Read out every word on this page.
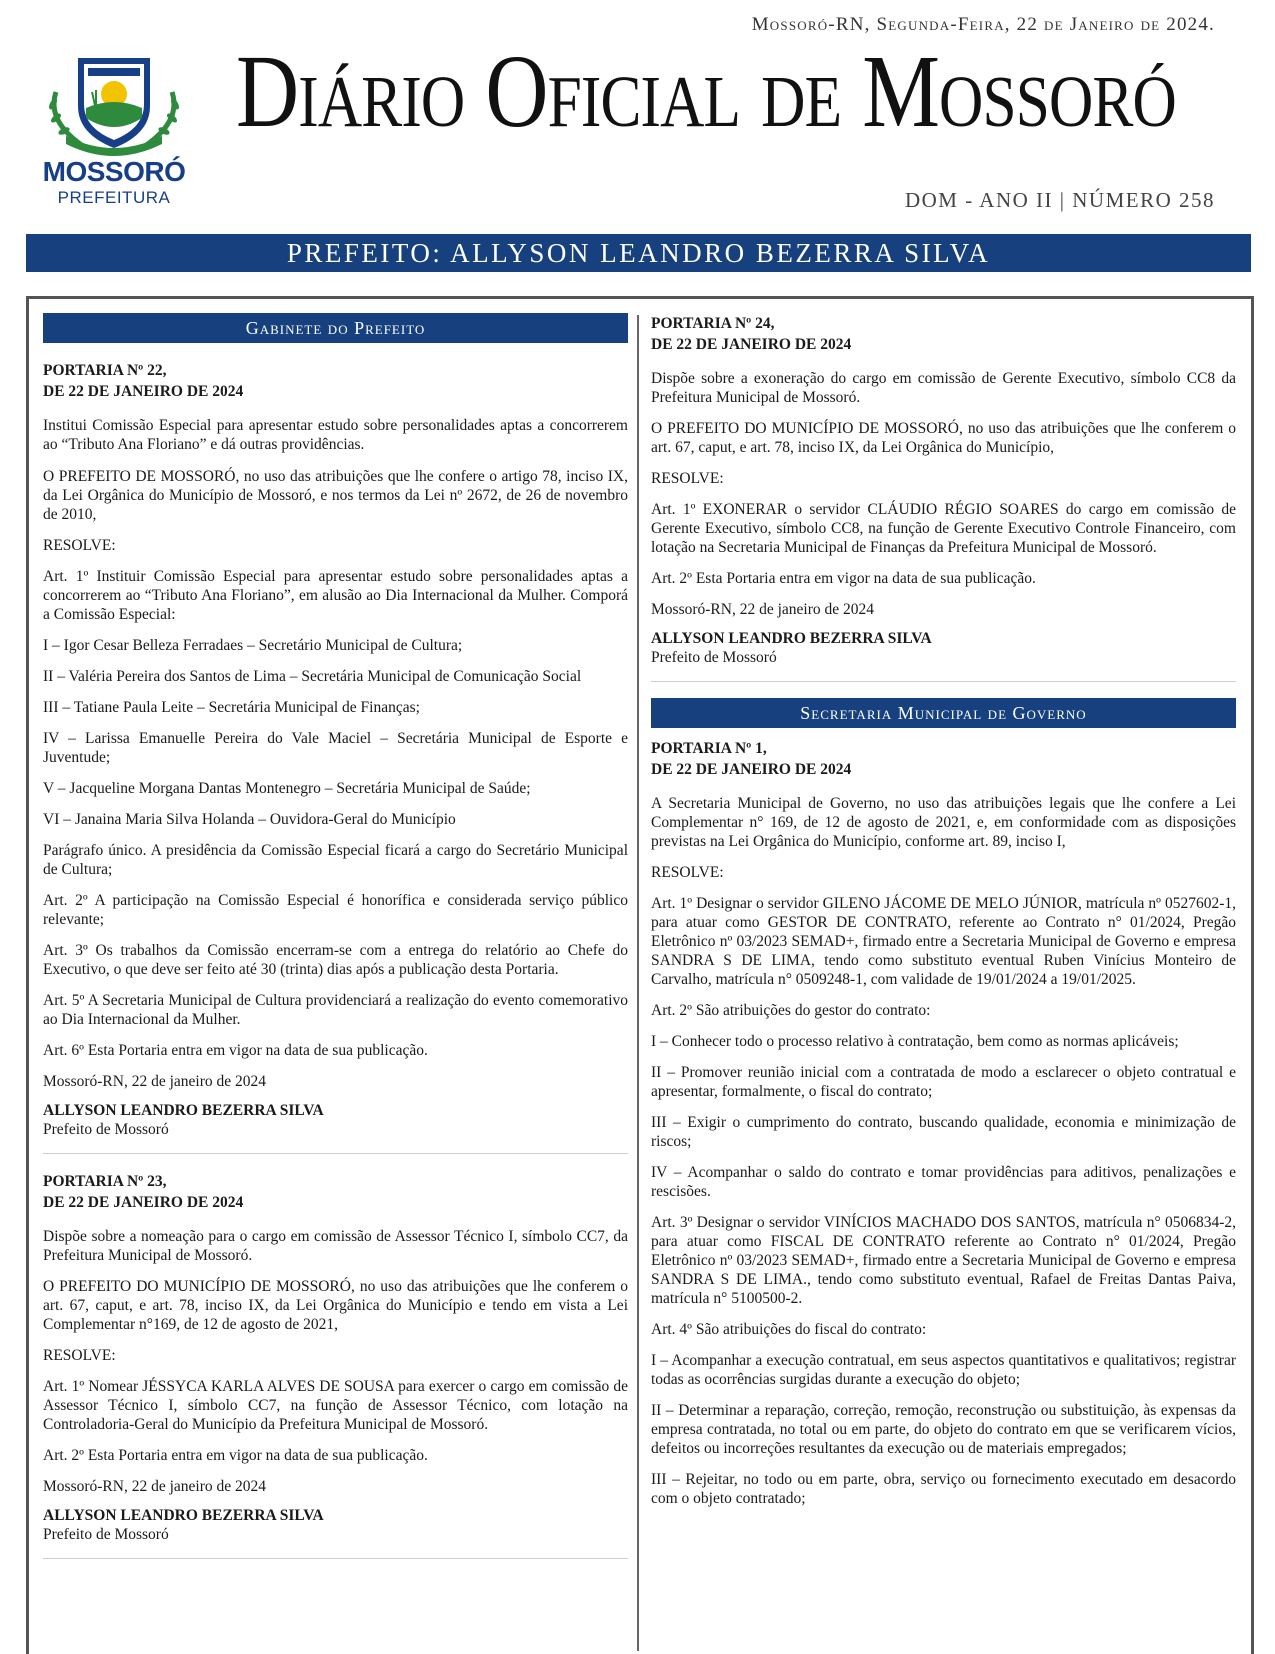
Mossoró-RN, Segunda-Feira, 22 de Janeiro de 2024.
MOSSORÓ
PREFEITURA
Diário Oficial de Mossoró
DOM - ANO II | NÚMERO 258
PREFEITO: ALLYSON LEANDRO BEZERRA SILVA
Gabinete do Prefeito

PORTARIA Nº 22,

DE 22 DE JANEIRO DE 2024

Institui Comissão Especial para apresentar estudo sobre personalidades aptas a concorrerem ao “Tributo Ana Floriano” e dá outras providências.

O PREFEITO DE MOSSORÓ, no uso das atribuições que lhe confere o artigo 78, inciso IX, da Lei Orgânica do Município de Mossoró, e nos termos da Lei nº 2672, de 26 de novembro de 2010,

RESOLVE:

Art. 1º Instituir Comissão Especial para apresentar estudo sobre personalidades aptas a concorrerem ao “Tributo Ana Floriano”, em alusão ao Dia Internacional da Mulher. Comporá a Comissão Especial:

I – Igor Cesar Belleza Ferradaes – Secretário Municipal de Cultura;

II – Valéria Pereira dos Santos de Lima – Secretária Municipal de Comunicação Social

III – Tatiane Paula Leite – Secretária Municipal de Finanças;

IV – Larissa Emanuelle Pereira do Vale Maciel – Secretária Municipal de Esporte e Juventude;

V – Jacqueline Morgana Dantas Montenegro – Secretária Municipal de Saúde;

VI – Janaina Maria Silva Holanda – Ouvidora-Geral do Município

Parágrafo único. A presidência da Comissão Especial ficará a cargo do Secretário Municipal de Cultura;

Art. 2º A participação na Comissão Especial é honorífica e considerada serviço público relevante;

Art. 3º Os trabalhos da Comissão encerram-se com a entrega do relatório ao Chefe do Executivo, o que deve ser feito até 30 (trinta) dias após a publicação desta Portaria.

Art. 5º A Secretaria Municipal de Cultura providenciará a realização do evento comemorativo ao Dia Internacional da Mulher.

Art. 6º Esta Portaria entra em vigor na data de sua publicação.

Mossoró-RN, 22 de janeiro de 2024

ALLYSON LEANDRO BEZERRA SILVA

Prefeito de Mossoró

PORTARIA Nº 23,

DE 22 DE JANEIRO DE 2024

Dispõe sobre a nomeação para o cargo em comissão de Assessor Técnico I, símbolo CC7, da Prefeitura Municipal de Mossoró.

O PREFEITO DO MUNICÍPIO DE MOSSORÓ, no uso das atribuições que lhe conferem o art. 67, caput, e art. 78, inciso IX, da Lei Orgânica do Município e tendo em vista a Lei Complementar n°169, de 12 de agosto de 2021,

RESOLVE:

Art. 1º Nomear JÉSSYCA KARLA ALVES DE SOUSA para exercer o cargo em comissão de Assessor Técnico I, símbolo CC7, na função de Assessor Técnico, com lotação na Controladoria-Geral do Município da Prefeitura Municipal de Mossoró.

Art. 2º Esta Portaria entra em vigor na data de sua publicação.

Mossoró-RN, 22 de janeiro de 2024

ALLYSON LEANDRO BEZERRA SILVA

Prefeito de Mossoró

PORTARIA Nº 24,

DE 22 DE JANEIRO DE 2024

Dispõe sobre a exoneração do cargo em comissão de Gerente Executivo, símbolo CC8 da Prefeitura Municipal de Mossoró.

O PREFEITO DO MUNICÍPIO DE MOSSORÓ, no uso das atribuições que lhe conferem o art. 67, caput, e art. 78, inciso IX, da Lei Orgânica do Município,

RESOLVE:

Art. 1º EXONERAR o servidor CLÁUDIO RÉGIO SOARES do cargo em comissão de Gerente Executivo, símbolo CC8, na função de Gerente Executivo Controle Financeiro, com lotação na Secretaria Municipal de Finanças da Prefeitura Municipal de Mossoró.

Art. 2º Esta Portaria entra em vigor na data de sua publicação.

Mossoró-RN, 22 de janeiro de 2024

ALLYSON LEANDRO BEZERRA SILVA

Prefeito de Mossoró

Secretaria Municipal de Governo

PORTARIA Nº 1,

DE 22 DE JANEIRO DE 2024

A Secretaria Municipal de Governo, no uso das atribuições legais que lhe confere a Lei Complementar n° 169, de 12 de agosto de 2021, e, em conformidade com as disposições previstas na Lei Orgânica do Município, conforme art. 89, inciso I,

RESOLVE:

Art. 1º Designar o servidor GILENO JÁCOME DE MELO JÚNIOR, matrícula nº 0527602-1, para atuar como GESTOR DE CONTRATO, referente ao Contrato n° 01/2024, Pregão Eletrônico nº 03/2023 SEMAD+, firmado entre a Secretaria Municipal de Governo e empresa SANDRA S DE LIMA, tendo como substituto eventual Ruben Vinícius Monteiro de Carvalho, matrícula n° 0509248-1, com validade de 19/01/2024 a 19/01/2025.

Art. 2º São atribuições do gestor do contrato:

I – Conhecer todo o processo relativo à contratação, bem como as normas aplicáveis;

II – Promover reunião inicial com a contratada de modo a esclarecer o objeto contratual e apresentar, formalmente, o fiscal do contrato;

III – Exigir o cumprimento do contrato, buscando qualidade, economia e minimização de riscos;

IV – Acompanhar o saldo do contrato e tomar providências para aditivos, penalizações e rescisões.

Art. 3º Designar o servidor VINÍCIOS MACHADO DOS SANTOS, matrícula n° 0506834-2, para atuar como FISCAL DE CONTRATO referente ao Contrato n° 01/2024, Pregão Eletrônico nº 03/2023 SEMAD+, firmado entre a Secretaria Municipal de Governo e empresa SANDRA S DE LIMA., tendo como substituto eventual, Rafael de Freitas Dantas Paiva, matrícula n° 5100500-2.

Art. 4º São atribuições do fiscal do contrato:

I – Acompanhar a execução contratual, em seus aspectos quantitativos e qualitativos; registrar todas as ocorrências surgidas durante a execução do objeto;

II – Determinar a reparação, correção, remoção, reconstrução ou substituição, às expensas da empresa contratada, no total ou em parte, do objeto do contrato em que se verificarem vícios, defeitos ou incorreções resultantes da execução ou de materiais empregados;

III – Rejeitar, no todo ou em parte, obra, serviço ou fornecimento executado em desacordo com o objeto contratado;
